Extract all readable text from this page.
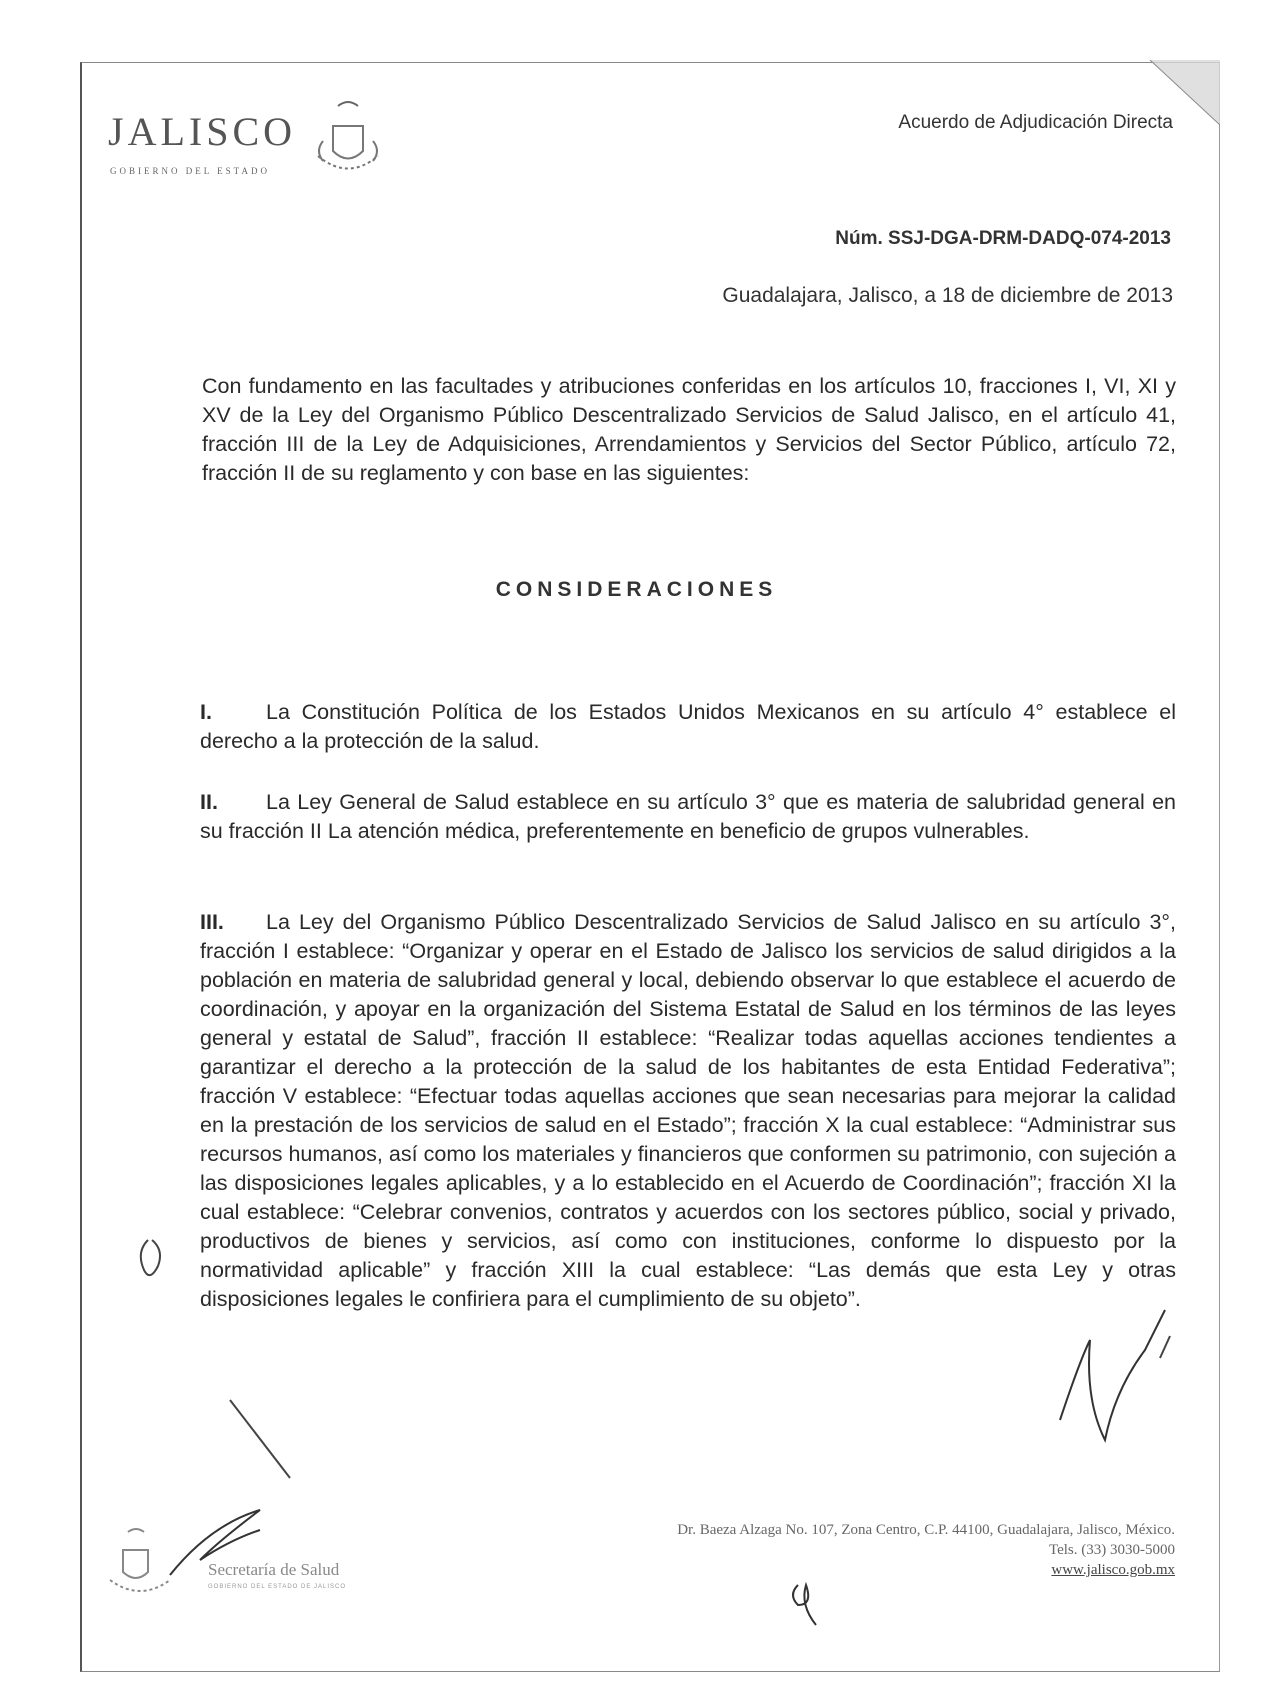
JALISCO
GOBIERNO DEL ESTADO
Acuerdo de Adjudicación Directa
Núm. SSJ-DGA-DRM-DADQ-074-2013
Guadalajara, Jalisco, a 18 de diciembre de 2013
Con fundamento en las facultades y atribuciones conferidas en los artículos 10, fracciones I, VI, XI y XV de la Ley del Organismo Público Descentralizado Servicios de Salud Jalisco, en el artículo 41, fracción III de la Ley de Adquisiciones, Arrendamientos y Servicios del Sector Público, artículo 72, fracción II de su reglamento y con base en las siguientes:
CONSIDERACIONES
I.	La Constitución Política de los Estados Unidos Mexicanos en su artículo 4° establece el derecho a la protección de la salud.
II. La Ley General de Salud establece en su artículo 3° que es materia de salubridad general en su fracción II La atención médica, preferentemente en beneficio de grupos vulnerables.
III. La Ley del Organismo Público Descentralizado Servicios de Salud Jalisco en su artículo 3°, fracción I establece: “Organizar y operar en el Estado de Jalisco los servicios de salud dirigidos a la población en materia de salubridad general y local, debiendo observar lo que establece el acuerdo de coordinación, y apoyar en la organización del Sistema Estatal de Salud en los términos de las leyes general y estatal de Salud”, fracción II establece: “Realizar todas aquellas acciones tendientes a garantizar el derecho a la protección de la salud de los habitantes de esta Entidad Federativa”; fracción V establece: “Efectuar todas aquellas acciones que sean necesarias para mejorar la calidad en la prestación de los servicios de salud en el Estado”; fracción X la cual establece: “Administrar sus recursos humanos, así como los materiales y financieros que conformen su patrimonio, con sujeción a las disposiciones legales aplicables, y a lo establecido en el Acuerdo de Coordinación”; fracción XI la cual establece: “Celebrar convenios, contratos y acuerdos con los sectores público, social y privado, productivos de bienes y servicios, así como con instituciones, conforme lo dispuesto por la normatividad aplicable” y fracción XIII la cual establece: “Las demás que esta Ley y otras disposiciones legales le confiriera para el cumplimiento de su objeto”.
Secretaría de Salud
GOBIERNO DEL ESTADO DE JALISCO
Dr. Baeza Alzaga No. 107, Zona Centro, C.P. 44100, Guadalajara, Jalisco, México.
Tels. (33) 3030-5000
www.jalisco.gob.mx
